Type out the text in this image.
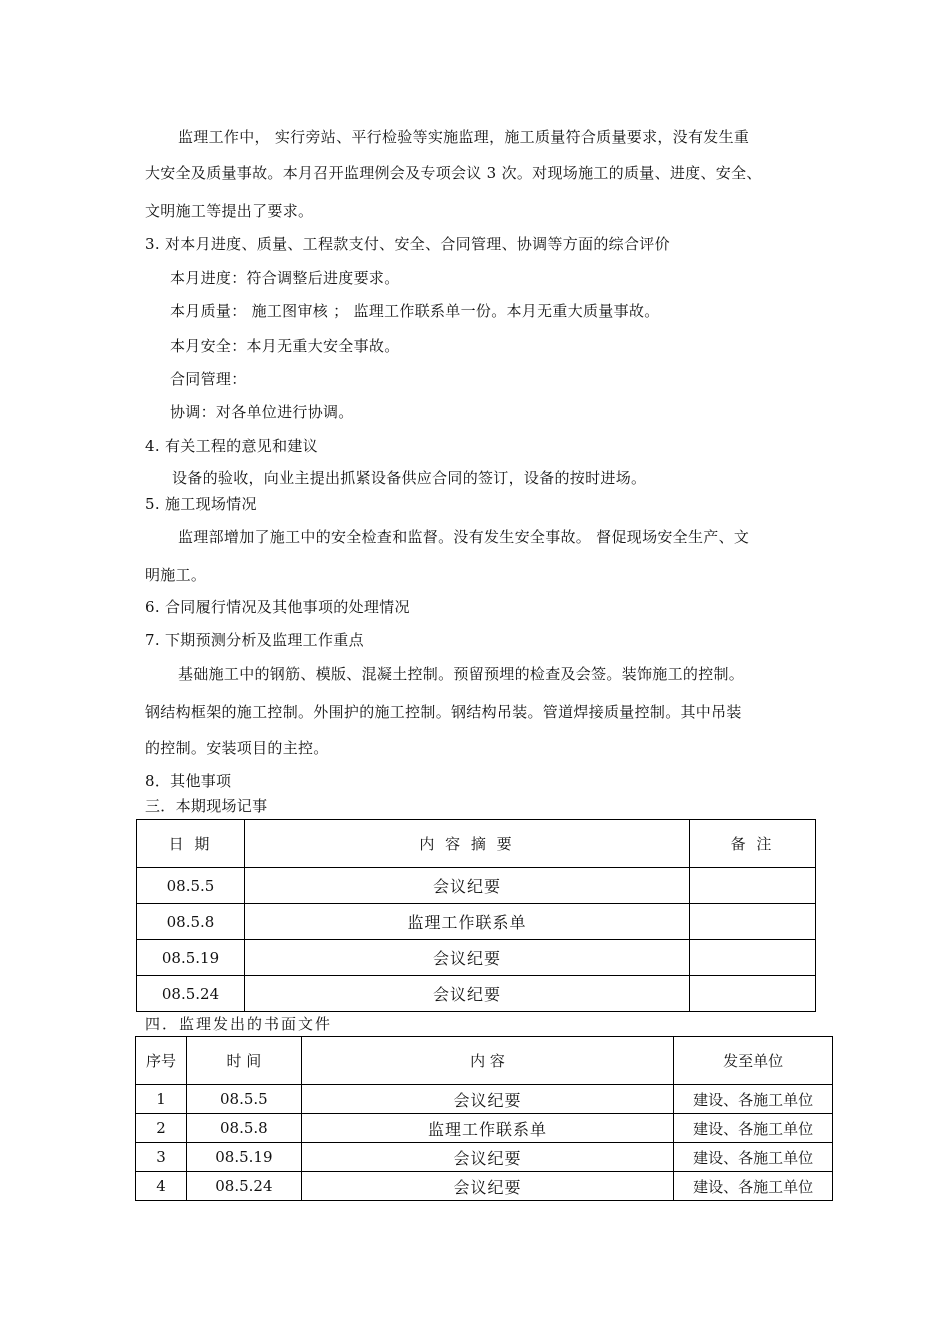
监理工作中， 实行旁站、平行检验等实施监理，施工质量符合质量要求，没有发生重
大安全及质量事故。本月召开监理例会及专项会议 3 次。对现场施工的质量、进度、安全、
文明施工等提出了要求。
3. 对本月进度、质量、工程款支付、安全、合同管理、协调等方面的综合评价
本月进度：符合调整后进度要求。
本月质量： 施工图审核 ； 监理工作联系单一份。本月无重大质量事故。
本月安全：本月无重大安全事故。
合同管理：
协调：对各单位进行协调。
4. 有关工程的意见和建议
设备的验收，向业主提出抓紧设备供应合同的签订，设备的按时进场。
5. 施工现场情况
监理部增加了施工中的安全检查和监督。没有发生安全事故。 督促现场安全生产、文
明施工。
6. 合同履行情况及其他事项的处理情况
7. 下期预测分析及监理工作重点
基础施工中的钢筋、模版、混凝土控制。预留预埋的检查及会签。装饰施工的控制。
钢结构框架的施工控制。外围护的施工控制。钢结构吊装。管道焊接质量控制。其中吊装
的控制。安装项目的主控。
8．其他事项
三．本期现场记事
日 期	内 容 摘 要	备 注
08.5.5	会议纪要	
08.5.8	监理工作联系单	
08.5.19	会议纪要	
08.5.24	会议纪要	
四．监理发出的书面文件
序号	时 间	内 容	发至单位
1	08.5.5	会议纪要	建设、各施工单位
2	08.5.8	监理工作联系单	建设、各施工单位
3	08.5.19	会议纪要	建设、各施工单位
4	08.5.24	会议纪要	建设、各施工单位
